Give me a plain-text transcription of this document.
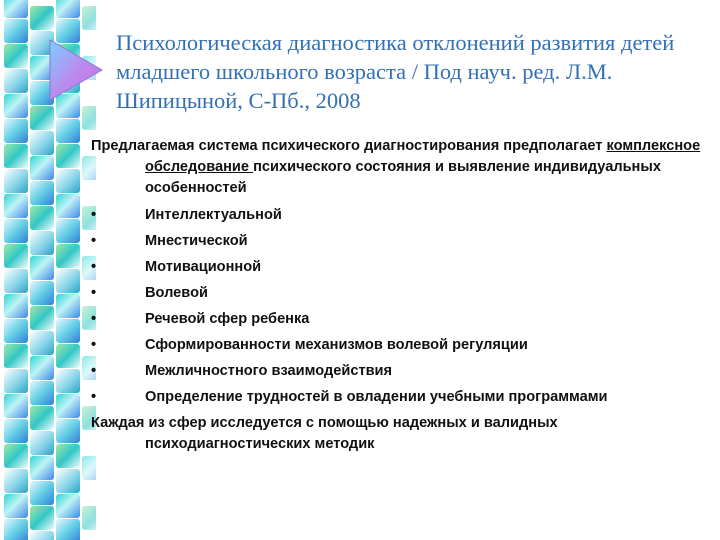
Психологическая диагностика отклонений развития детей младшего школьного возраста / Под науч. ред. Л.М. Шипицыной, С-Пб., 2008

Предлагаемая система психического диагностирования предполагает комплексное обследование психического состояния и выявление индивидуальных особенностей

•	Интеллектуальной
•	Мнестической
•	Мотивационной
•	Волевой
•	Речевой сфер ребенка
•	Сформированности механизмов волевой регуляции
•	Межличностного взаимодействия
•	Определение трудностей в овладении учебными программами

Каждая из сфер исследуется с помощью надежных и валидных психодиагностических методик
